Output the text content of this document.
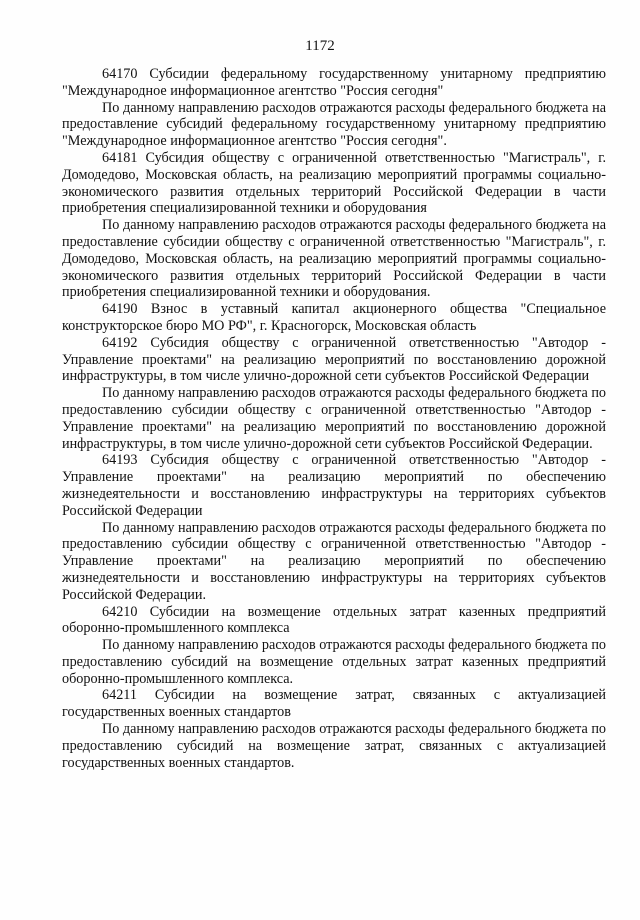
1172

64170 Субсидии федеральному государственному унитарному предприятию "Международное информационное агентство "Россия сегодня"

По данному направлению расходов отражаются расходы федерального бюджета на предоставление субсидий федеральному государственному унитарному предприятию "Международное информационное агентство "Россия сегодня".

64181 Субсидия обществу с ограниченной ответственностью "Магистраль", г. Домодедово, Московская область, на реализацию мероприятий программы социально-экономического развития отдельных территорий Российской Федерации в части приобретения специализированной техники и оборудования

По данному направлению расходов отражаются расходы федерального бюджета на предоставление субсидии обществу с ограниченной ответственностью "Магистраль", г. Домодедово, Московская область, на реализацию мероприятий программы социально-экономического развития отдельных территорий Российской Федерации в части приобретения специализированной техники и оборудования.

64190 Взнос в уставный капитал акционерного общества "Специальное конструкторское бюро МО РФ", г. Красногорск, Московская область

64192 Субсидия обществу с ограниченной ответственностью "Автодор - Управление проектами" на реализацию мероприятий по восстановлению дорожной инфраструктуры, в том числе улично-дорожной сети субъектов Российской Федерации

По данному направлению расходов отражаются расходы федерального бюджета по предоставлению субсидии обществу с ограниченной ответственностью "Автодор - Управление проектами" на реализацию мероприятий по восстановлению дорожной инфраструктуры, в том числе улично-дорожной сети субъектов Российской Федерации.

64193 Субсидия обществу с ограниченной ответственностью "Автодор - Управление проектами" на реализацию мероприятий по обеспечению жизнедеятельности и восстановлению инфраструктуры на территориях субъектов Российской Федерации

По данному направлению расходов отражаются расходы федерального бюджета по предоставлению субсидии обществу с ограниченной ответственностью "Автодор - Управление проектами" на реализацию мероприятий по обеспечению жизнедеятельности и восстановлению инфраструктуры на территориях субъектов Российской Федерации.

64210 Субсидии на возмещение отдельных затрат казенных предприятий оборонно-промышленного комплекса

По данному направлению расходов отражаются расходы федерального бюджета по предоставлению субсидий на возмещение отдельных затрат казенных предприятий оборонно-промышленного комплекса.

64211 Субсидии на возмещение затрат, связанных с актуализацией государственных военных стандартов

По данному направлению расходов отражаются расходы федерального бюджета по предоставлению субсидий на возмещение затрат, связанных с актуализацией государственных военных стандартов.
